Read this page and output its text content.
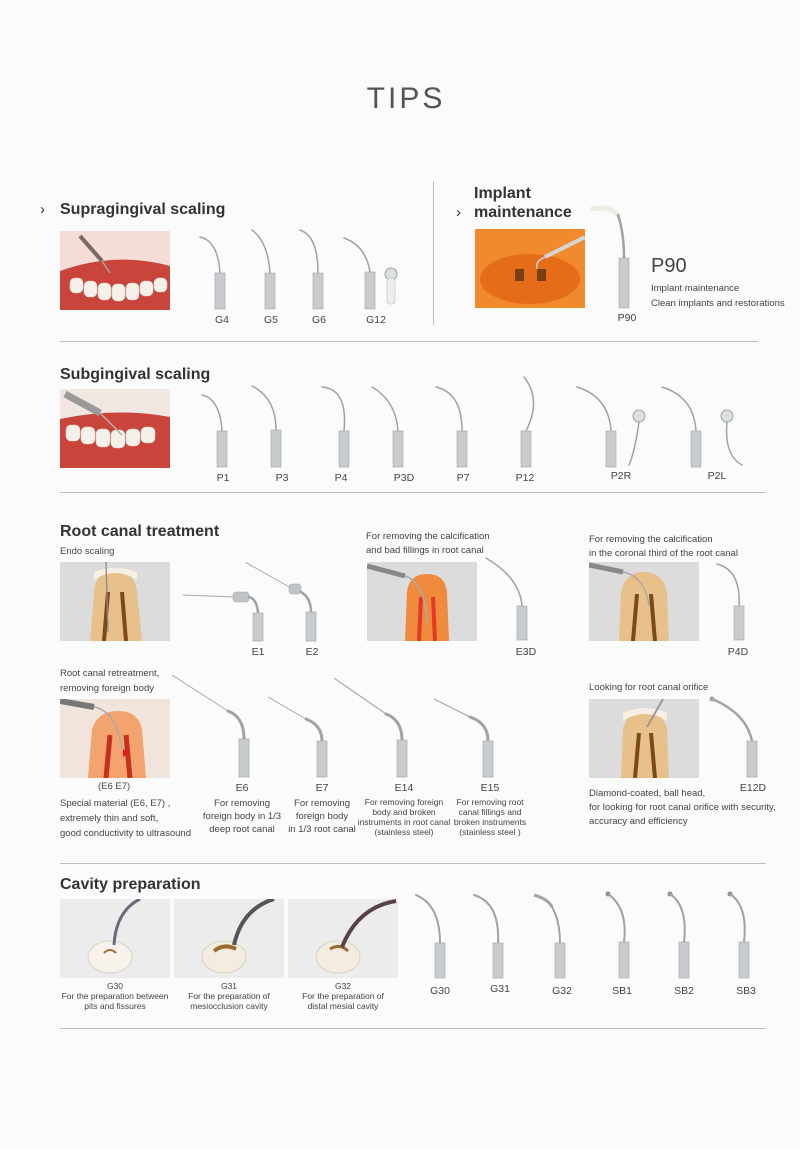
TIPS
› Supragingival scaling
G4	G5	G6	G12
Implant
› maintenance
P90
P90
Implant maintenance
Clean implants and restorations
Subgingival scaling
P1	P3	P4	P3D	P7	P12	P2R	P2L
Root canal treatment
Endo scaling
E1	E2
For removing the calcification
and bad fillings in root canal
E3D
For removing the calcification
in the coronal third of the root canal
P4D
Root canal retreatment,
removing foreign body
(E6 E7)
Special material (E6, E7) ,
extremely thin and soft,
good conductivity to ultrasound
E6
For removing
foreign body in 1/3
deep root canal
E7
For removing
foreign body
in 1/3 root canal
E14
For removing foreign
body and broken
instruments in root canal
(stainless steel)
E15
For removing root
canal fillings and
broken instruments
(stainless steel )
Looking for root canal orifice
E12D
Diamond-coated, ball head,
for looking for root canal orifice with security,
accuracy and efficiency
Cavity preparation
G30
For the preparation between
pits and fissures
G31
For the preparation of
mesiocclusion cavity
G32
For the preparation of
distal mesial cavity
G30	G31	G32	SB1	SB2	SB3
